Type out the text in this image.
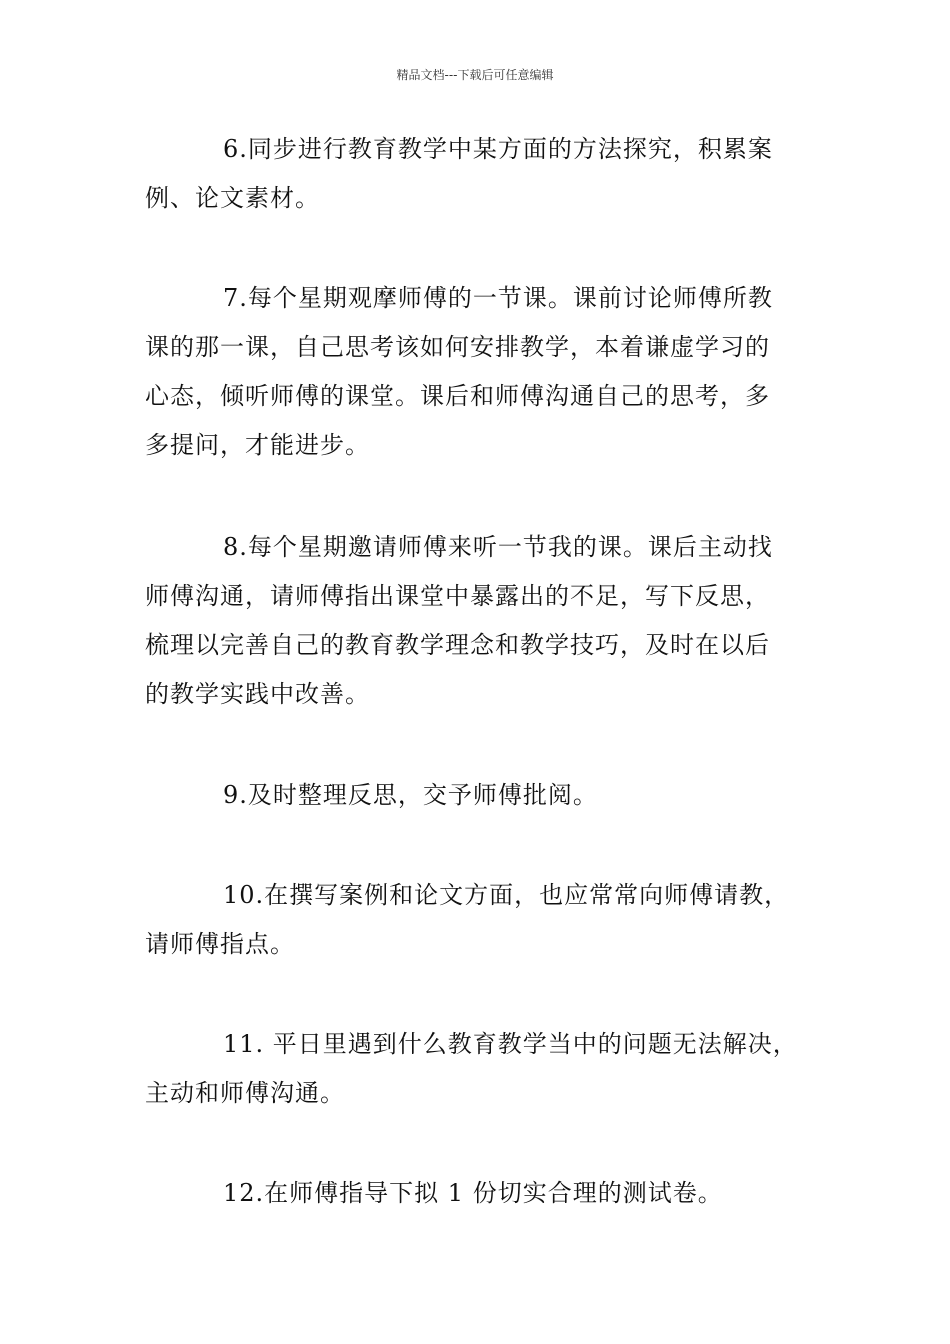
精品文档---下载后可任意编辑
6.同步进行教育教学中某方面的方法探究，积累案
例、论文素材。
7.每个星期观摩师傅的一节课。课前讨论师傅所教
课的那一课，自己思考该如何安排教学，本着谦虚学习的
心态，倾听师傅的课堂。课后和师傅沟通自己的思考，多
多提问，才能进步。
8.每个星期邀请师傅来听一节我的课。课后主动找
师傅沟通，请师傅指出课堂中暴露出的不足，写下反思，
梳理以完善自己的教育教学理念和教学技巧，及时在以后
的教学实践中改善。
9.及时整理反思，交予师傅批阅。
10.在撰写案例和论文方面，也应常常向师傅请教，
请师傅指点。
11. 平日里遇到什么教育教学当中的问题无法解决，
主动和师傅沟通。
12.在师傅指导下拟 1 份切实合理的测试卷。
